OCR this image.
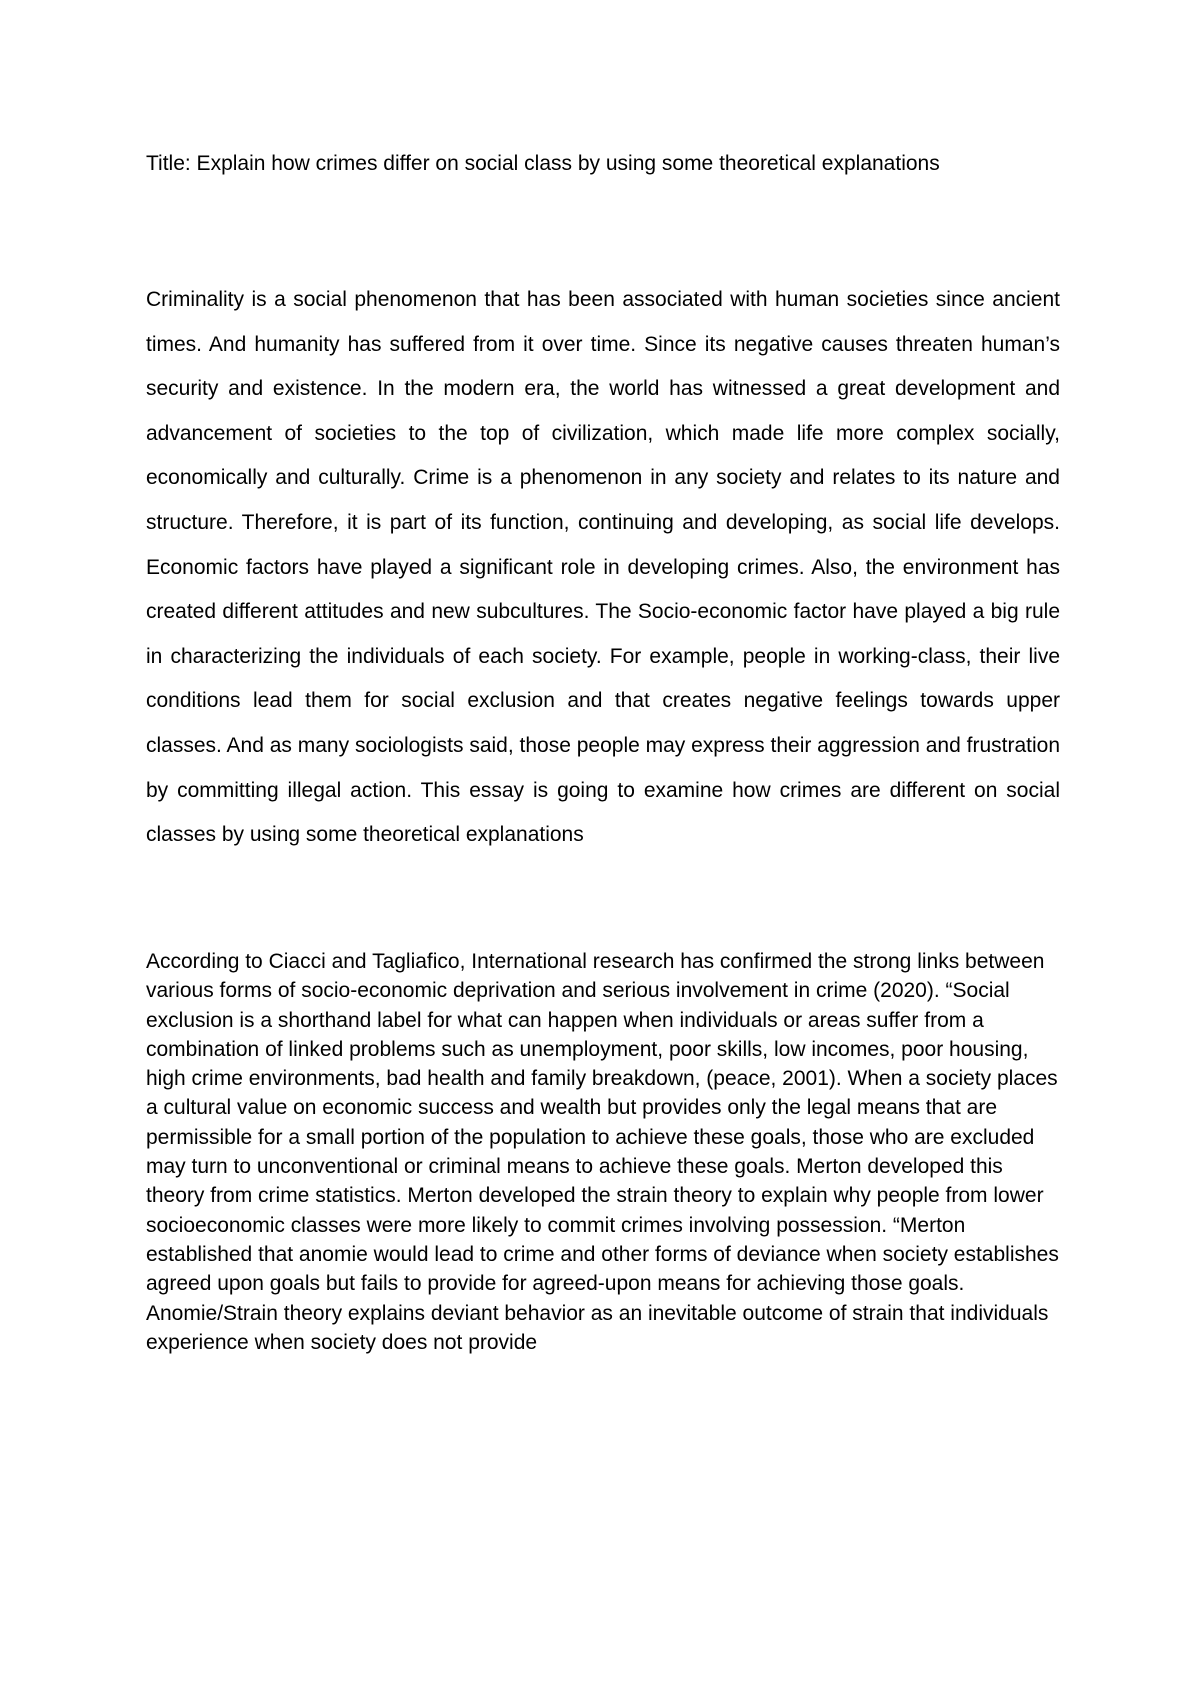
Title: Explain how crimes differ on social class by using some theoretical explanations

Criminality is a social phenomenon that has been associated with human societies since ancient times. And humanity has suffered from it over time. Since its negative causes threaten human’s security and existence. In the modern era, the world has witnessed a great development and advancement of societies to the top of civilization, which made life more complex socially, economically and culturally. Crime is a phenomenon in any society and relates to its nature and structure. Therefore, it is part of its function, continuing and developing, as social life develops. Economic factors have played a significant role in developing crimes. Also, the environment has created different attitudes and new subcultures. The Socio-economic factor have played a big rule in characterizing the individuals of each society. For example, people in working-class, their live conditions lead them for social exclusion and that creates negative feelings towards upper classes. And as many sociologists said, those people may express their aggression and frustration by committing illegal action. This essay is going to examine how crimes are different on social classes by using some theoretical explanations

According to Ciacci and Tagliafico, International research has confirmed the strong links between various forms of socio-economic deprivation and serious involvement in crime (2020). “Social exclusion is a shorthand label for what can happen when individuals or areas suffer from a combination of linked problems such as unemployment, poor skills, low incomes, poor housing, high crime environments, bad health and family breakdown, (peace, 2001). When a society places a cultural value on economic success and wealth but provides only the legal means that are permissible for a small portion of the population to achieve these goals, those who are excluded may turn to unconventional or criminal means to achieve these goals. Merton developed this theory from crime statistics. Merton developed the strain theory to explain why people from lower socioeconomic classes were more likely to commit crimes involving possession. “Merton established that anomie would lead to crime and other forms of deviance when society establishes agreed upon goals but fails to provide for agreed-upon means for achieving those goals. Anomie/Strain theory explains deviant behavior as an inevitable outcome of strain that individuals experience when society does not provide
